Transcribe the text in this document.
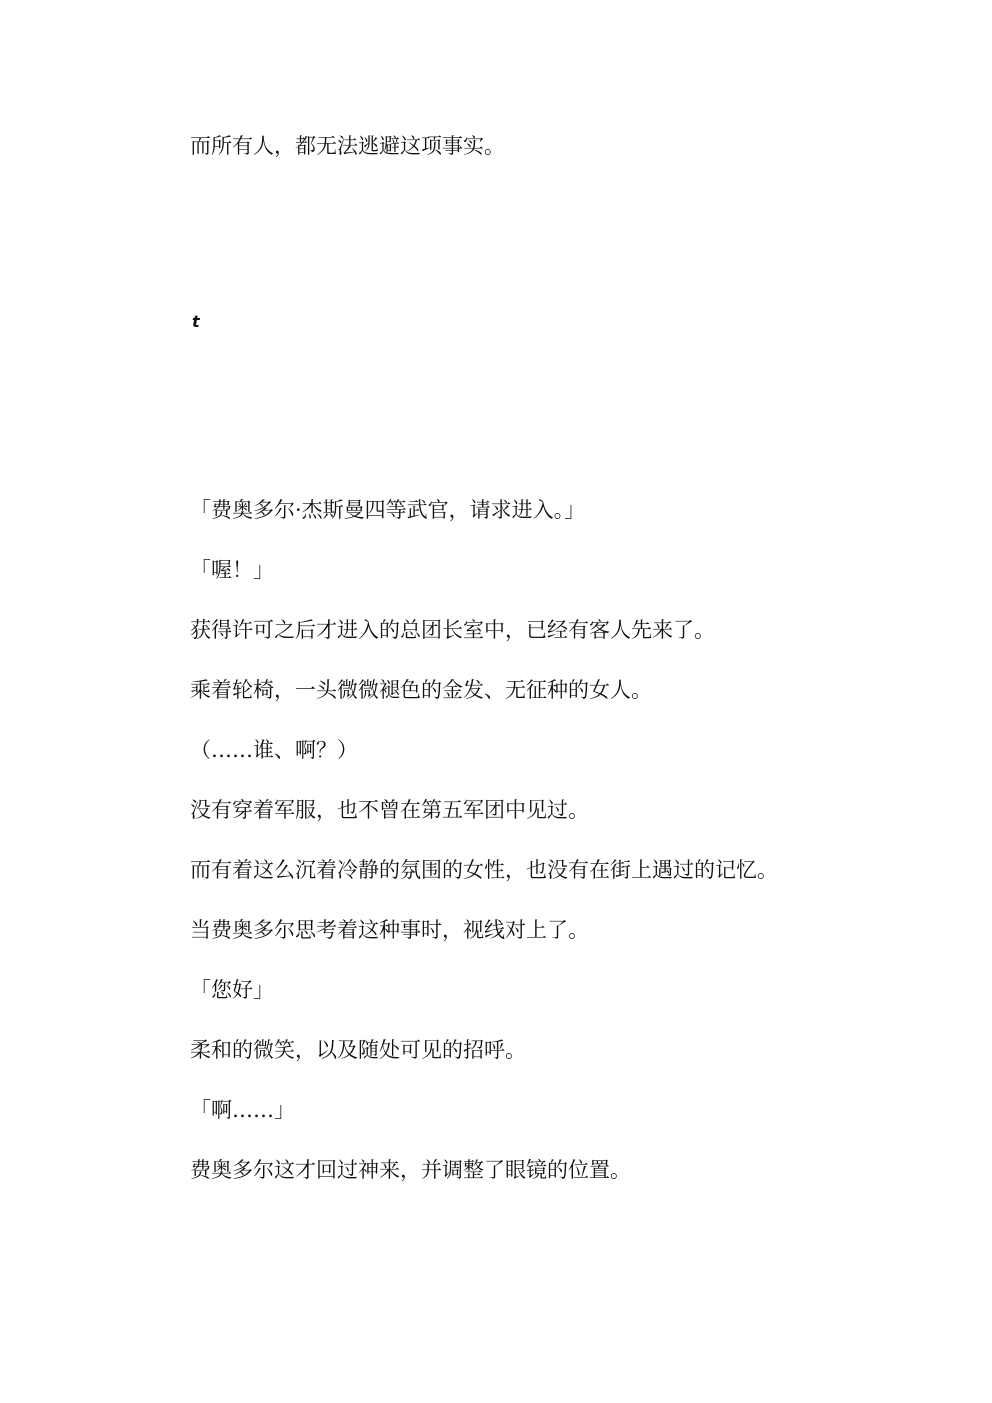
而所有人，都无法逃避这项事实。

t

「费奥多尔·杰斯曼四等武官，请求进入。」

「喔！」

获得许可之后才进入的总团长室中，已经有客人先来了。

乘着轮椅，一头微微褪色的金发、无征种的女人。

（……谁、啊？）

没有穿着军服，也不曾在第五军团中见过。

而有着这么沉着冷静的氛围的女性，也没有在街上遇过的记忆。

当费奥多尔思考着这种事时，视线对上了。

「您好」

柔和的微笑，以及随处可见的招呼。

「啊……」

费奥多尔这才回过神来，并调整了眼镜的位置。
